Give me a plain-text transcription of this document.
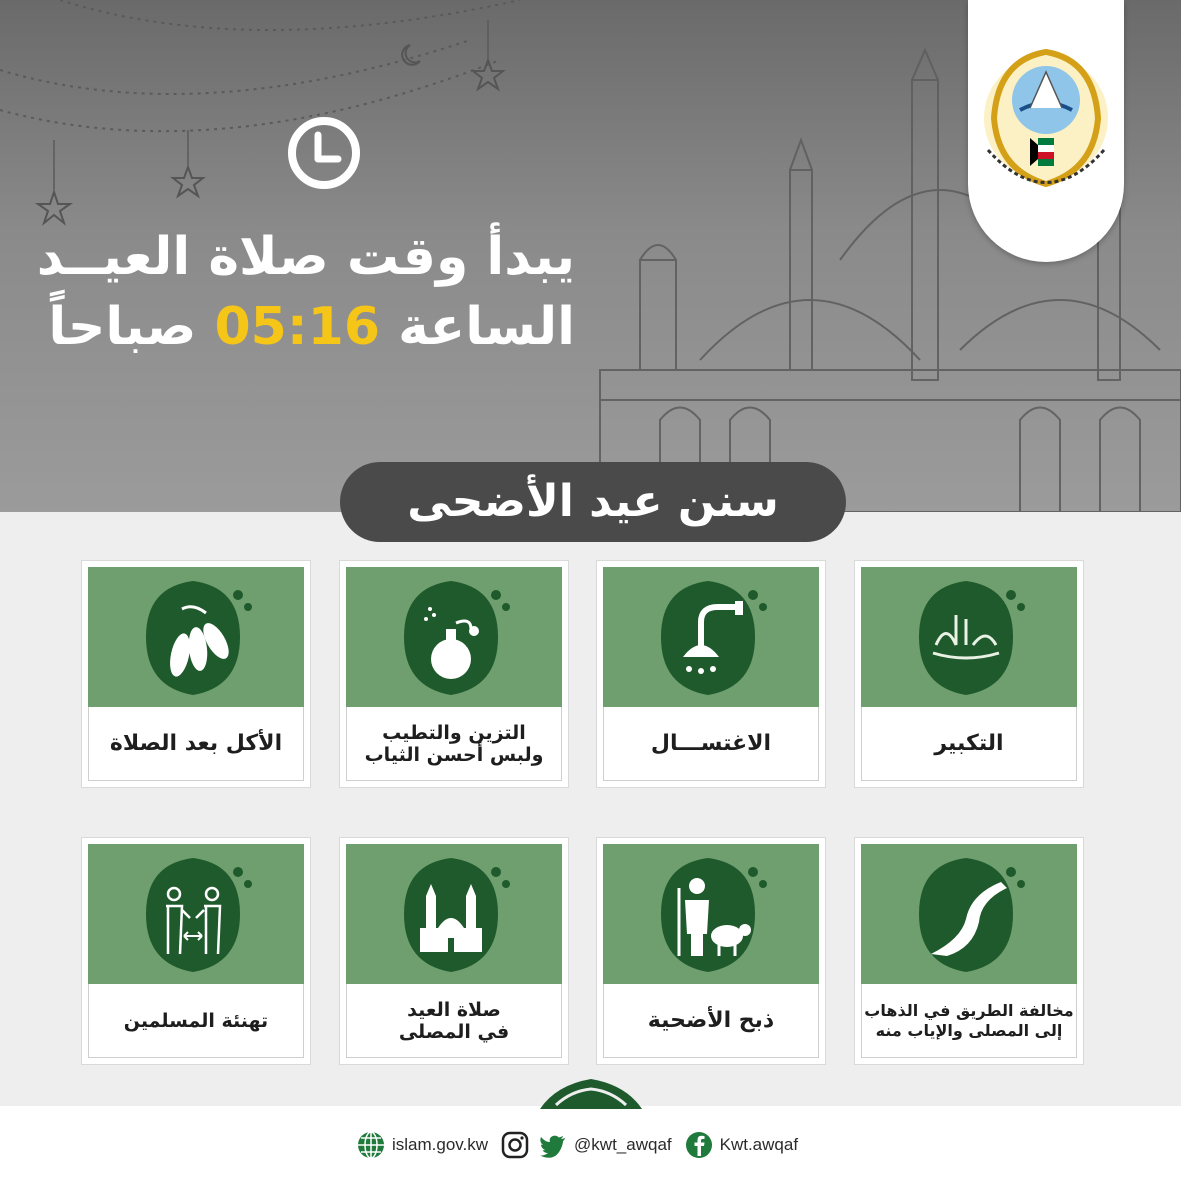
يبدأ وقت صلاة العيــد
الساعة 05:16 صباحاً
سنن عيد الأضحى
التكبير
الاغتســـال
التزين والتطيب
ولبس أحسن الثياب
الأكل بعد الصلاة
مخالفة الطريق في الذهاب
إلى المصلى والإياب منه
ذبح الأضحية
صلاة العيد
في المصلى
تهنئة المسلمين
islam.gov.kw	@kwt_awqaf	Kwt.awqaf
